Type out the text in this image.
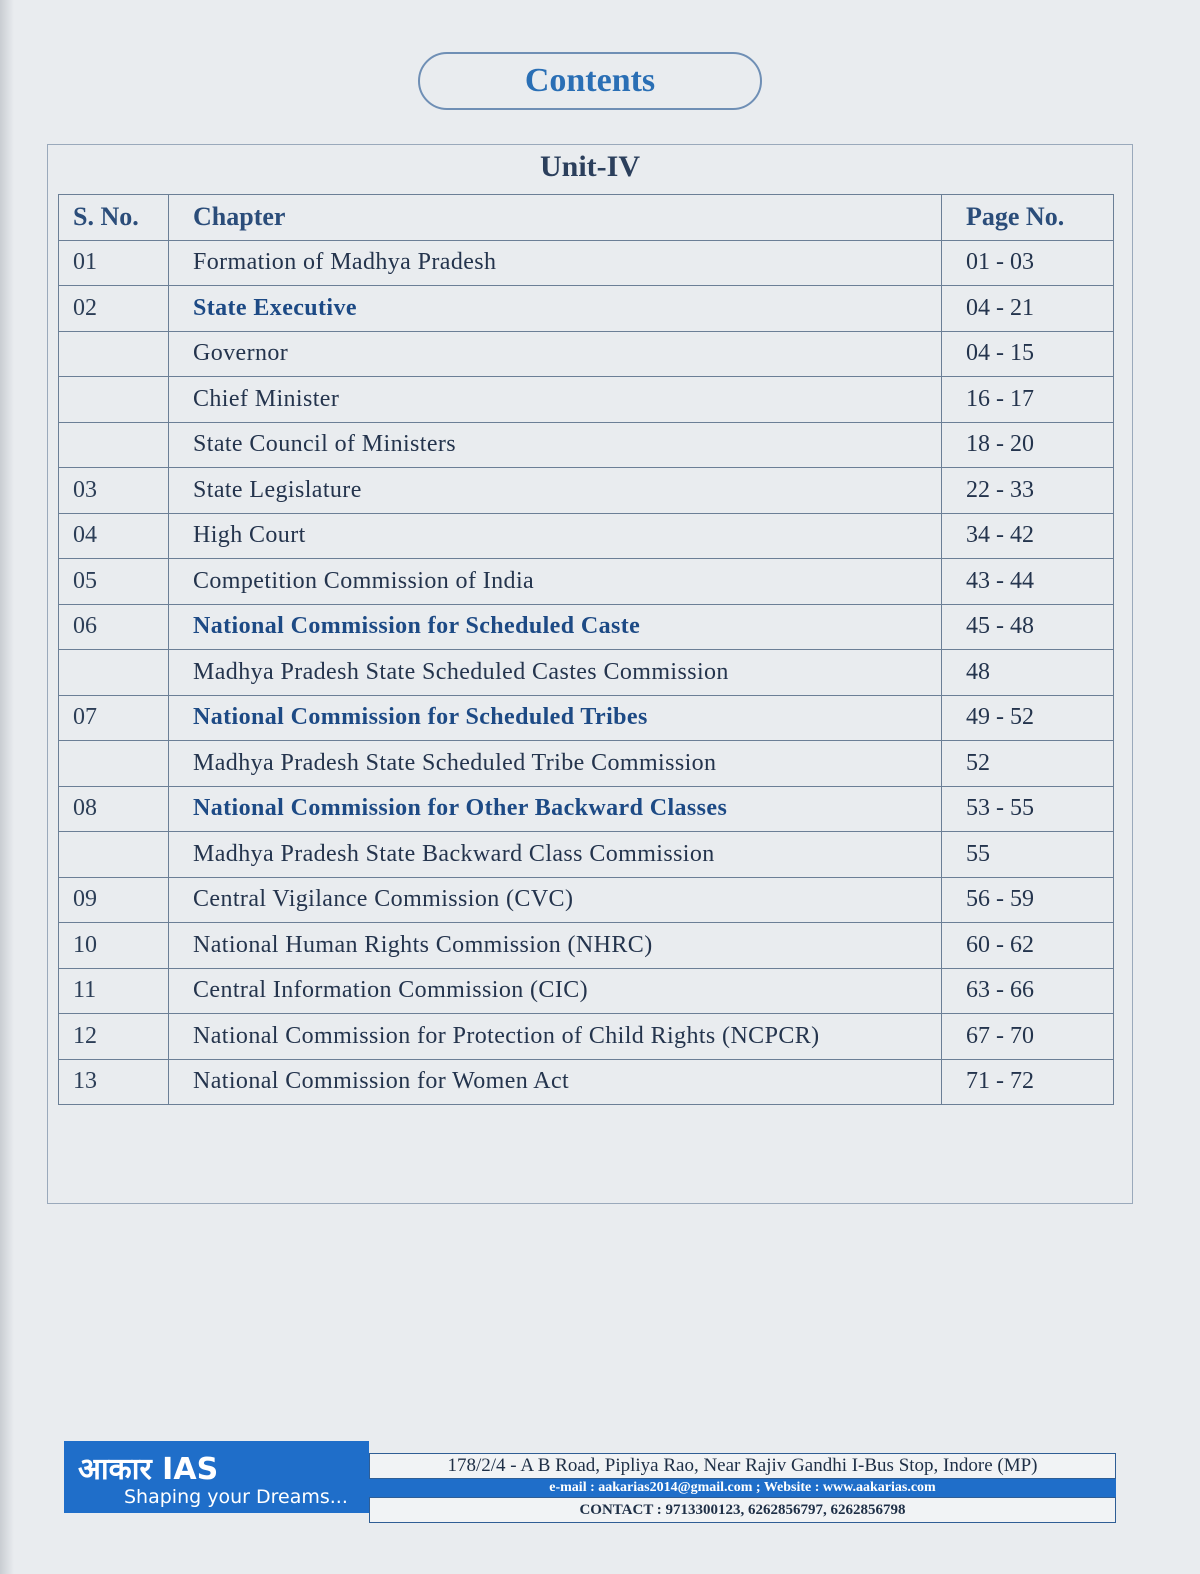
Contents
Unit-IV
S. No.	Chapter	Page No.
01	Formation of Madhya Pradesh	01 - 03
02	State Executive	04 - 21
	Governor	04 - 15
	Chief Minister	16 - 17
	State Council of Ministers	18 - 20
03	State Legislature	22 - 33
04	High Court	34 - 42
05	Competition Commission of India	43 - 44
06	National Commission for Scheduled Caste	45 - 48
	Madhya Pradesh State Scheduled Castes Commission	48
07	National Commission for Scheduled Tribes	49 - 52
	Madhya Pradesh State Scheduled Tribe Commission	52
08	National Commission for Other Backward Classes	53 - 55
	Madhya Pradesh State Backward Class Commission	55
09	Central Vigilance Commission (CVC)	56 - 59
10	National Human Rights Commission (NHRC)	60 - 62
11	Central Information Commission (CIC)	63 - 66
12	National Commission for Protection of Child Rights (NCPCR)	67 - 70
13	National Commission for Women Act	71 - 72
आकार IAS
Shaping your Dreams...
178/2/4 - A B Road, Pipliya Rao, Near Rajiv Gandhi I-Bus Stop, Indore (MP)
e-mail : aakarias2014@gmail.com ; Website : www.aakarias.com
CONTACT : 9713300123, 6262856797, 6262856798
